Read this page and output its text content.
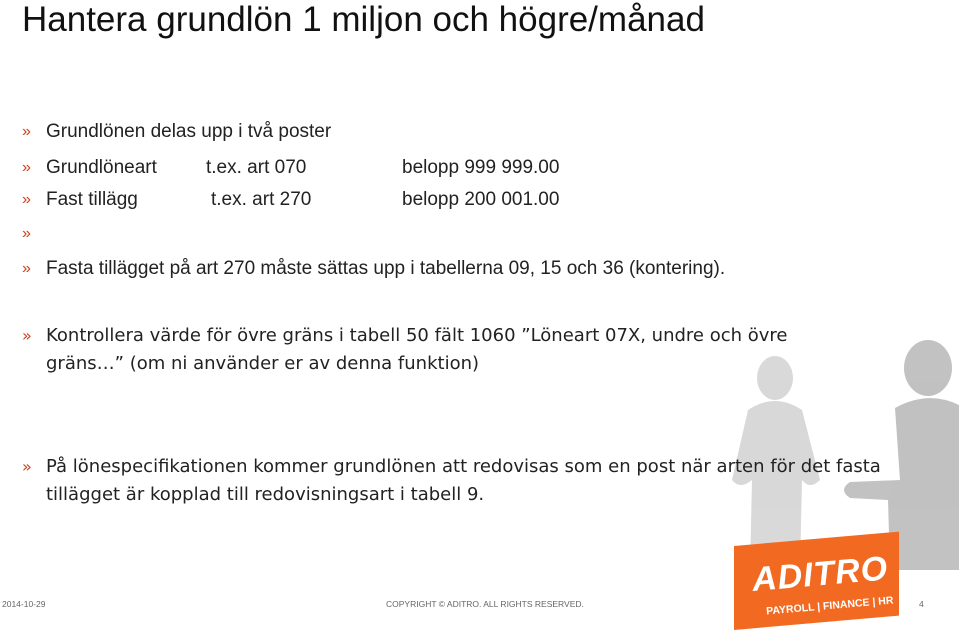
Hantera grundlön 1 miljon och högre/månad
» Grundlönen delas upp i två poster
» Grundlöneart	t.ex. art 070	belopp 999 999.00
» Fast tillägg	t.ex. art 270	belopp 200 001.00
»
» Fasta tillägget på art 270 måste sättas upp i tabellerna 09, 15 och 36 (kontering).
» Kontrollera värde för övre gräns i tabell 50 fält 1060 ”Löneart 07X, undre och övre gräns…” (om ni använder er av denna funktion)
» På lönespecifikationen kommer grundlönen att redovisas som en post när arten för det fasta tillägget är kopplad till redovisningsart i tabell 9.
ADITRO
PAYROLL | FINANCE | HR
2014-10-29	COPYRIGHT © ADITRO. ALL RIGHTS RESERVED.	4
